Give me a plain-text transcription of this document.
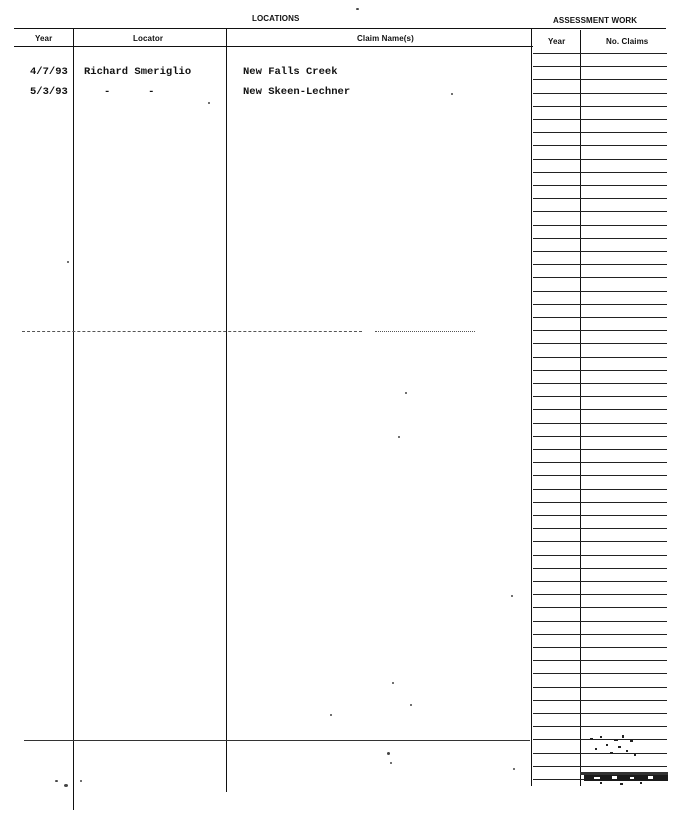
LOCATIONS	ASSESSMENT WORK
Year	Locator	Claim Name(s)	Year	No. Claims
4/7/93 Richard Smeriglio	New Falls Creek
5/3/93	-      -	New Skeen-Lechner
